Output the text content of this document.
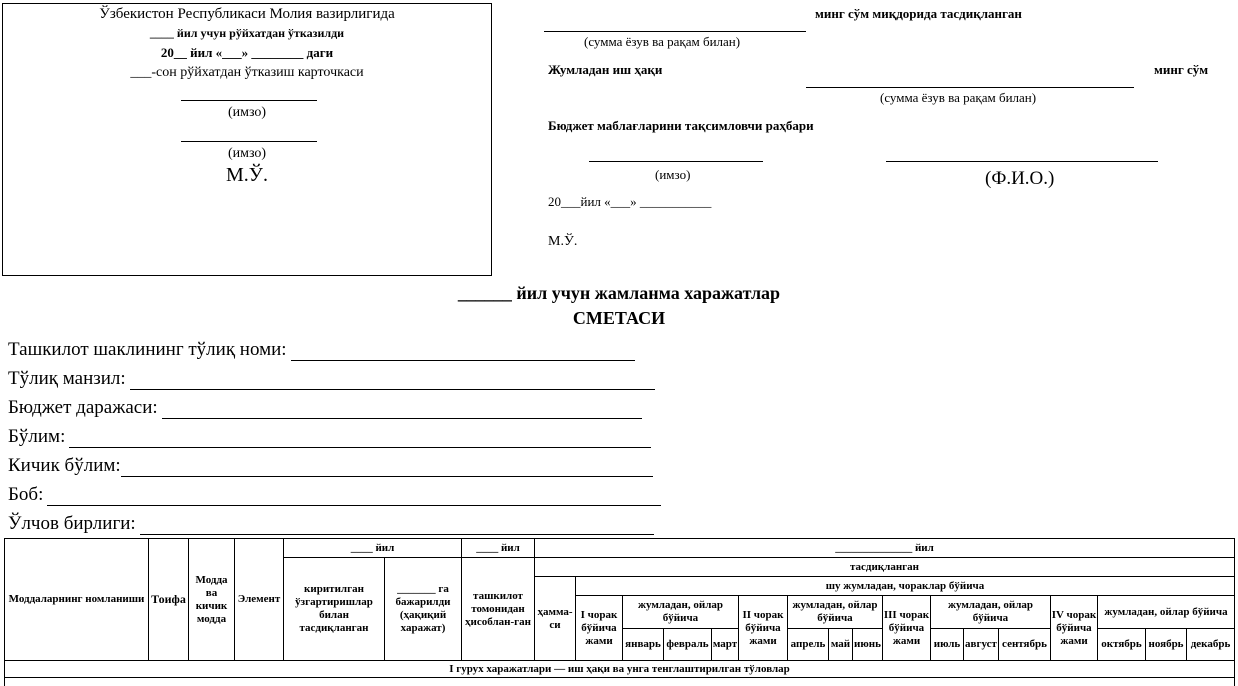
Ўзбекистон Республикаси Молия вазирлигида
____ йил учун рўйхатдан ўтказилди
20__ йил «___» ________ даги
___-сон рўйхатдан ўтказиш карточкаси
(имзо)
(имзо)
М.Ў.
минг сўм миқдорида тасдиқланган
(сумма ёзув ва рақам билан)
Жумладан иш ҳақи	минг сўм
(сумма ёзув ва рақам билан)
Бюджет маблағларини тақсимловчи раҳбари
(имзо)	(Ф.И.О.)
20___йил «___» ___________
М.Ў.
______ йил учун жамланма харажатлар
СМЕТАСИ
Ташкилот шаклининг тўлиқ номи:
Тўлиқ манзил:
Бюджет даражаси:
Бўлим:
Кичик бўлим:
Боб:
Ўлчов бирлиги:
Моддаларнинг номланиши	Тоифа	Модда ва кичик модда	Элемент	____ йил		____ йил	______________ йил																
				киритилган ўзгартиришлар билан тасдиқланган	_______ га бажарилди (ҳақиқий харажат)	ташкилот томонидан ҳисоблан-ган	тасдиқланган																
							ҳамма-си	шу жумладан, чораклар бўйича															
								I чорак бўйича жами	жумладан, ойлар бўйича			II чорак бўйича жами	жумладан, ойлар бўйича			III чорак бўйича жами	жумладан, ойлар бўйича			IV чорак бўйича жами	жумладан, ойлар бўйича		
									январь	февраль	март		апрель	май	июнь		июль	август	сентябрь		октябрь	ноябрь	декабрь
I гурух харажатлари — иш ҳақи ва унга тенглаштирилган тўловлар																							
